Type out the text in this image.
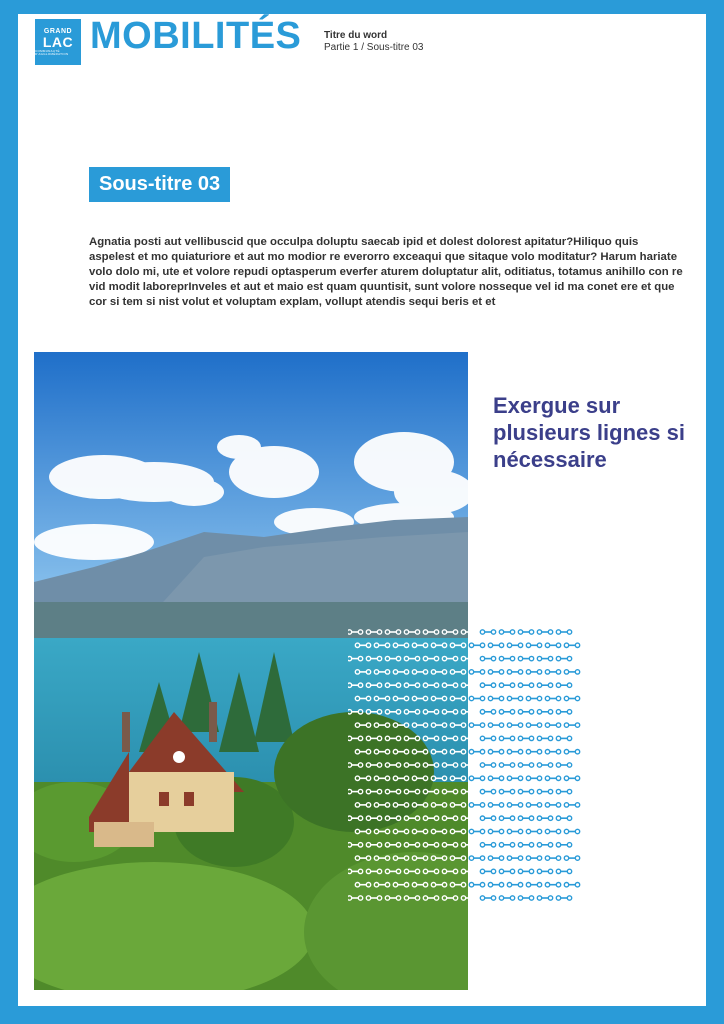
GRAND
LAC
COMMUNAUTÉ D'AGGLOMÉRATION MOBILITÉS Titre du word
Partie 1 / Sous-titre 03
Sous-titre 03
Agnatia posti aut vellibuscid que occulpa doluptu saecab ipid et dolest dolorest apitatur?Hiliquo quis aspelest et mo quiaturiore et aut mo modior re everorro exceaqui que sitaque volo moditatur? Harum hariate volo dolo mi, ute et volore repudi optasperum everfer aturem doluptatur alit, oditiatus, totamus anihillo con re vid modit laboreprInveles et aut et maio est quam quuntisit, sunt volore nosseque vel id ma conet ere et que cor si tem si nist volut et voluptam explam, vollupt atendis sequi beris et et
Exergue sur plusieurs lignes si nécessaire
6
